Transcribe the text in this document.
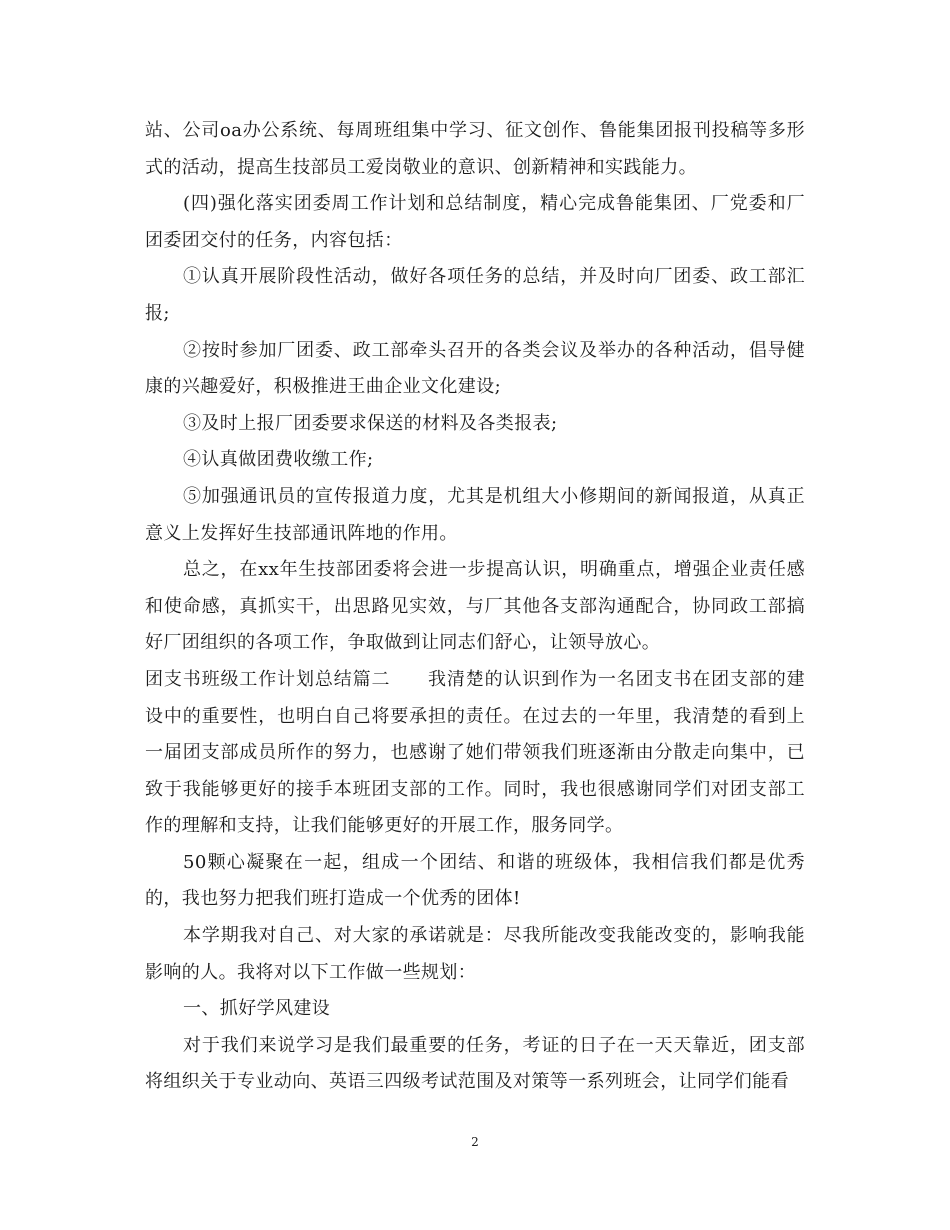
站、公司oa办公系统、每周班组集中学习、征文创作、鲁能集团报刊投稿等多形式的活动，提高生技部员工爱岗敬业的意识、创新精神和实践能力。

(四)强化落实团委周工作计划和总结制度，精心完成鲁能集团、厂党委和厂团委团交付的任务，内容包括：

①认真开展阶段性活动，做好各项任务的总结，并及时向厂团委、政工部汇报;

②按时参加厂团委、政工部牵头召开的各类会议及举办的各种活动，倡导健康的兴趣爱好，积极推进王曲企业文化建设;

③及时上报厂团委要求保送的材料及各类报表;

④认真做团费收缴工作;

⑤加强通讯员的宣传报道力度，尤其是机组大小修期间的新闻报道，从真正意义上发挥好生技部通讯阵地的作用。

总之，在xx年生技部团委将会进一步提高认识，明确重点，增强企业责任感和使命感，真抓实干，出思路见实效，与厂其他各支部沟通配合，协同政工部搞好厂团组织的各项工作，争取做到让同志们舒心，让领导放心。

团支书班级工作计划总结篇二　　我清楚的认识到作为一名团支书在团支部的建设中的重要性，也明白自己将要承担的责任。在过去的一年里，我清楚的看到上一届团支部成员所作的努力，也感谢了她们带领我们班逐渐由分散走向集中，已致于我能够更好的接手本班团支部的工作。同时，我也很感谢同学们对团支部工作的理解和支持，让我们能够更好的开展工作，服务同学。

50颗心凝聚在一起，组成一个团结、和谐的班级体，我相信我们都是优秀的，我也努力把我们班打造成一个优秀的团体!

本学期我对自己、对大家的承诺就是：尽我所能改变我能改变的，影响我能影响的人。我将对以下工作做一些规划：

一、抓好学风建设

对于我们来说学习是我们最重要的任务，考证的日子在一天天靠近，团支部将组织关于专业动向、英语三四级考试范围及对策等一系列班会，让同学们能看

2
